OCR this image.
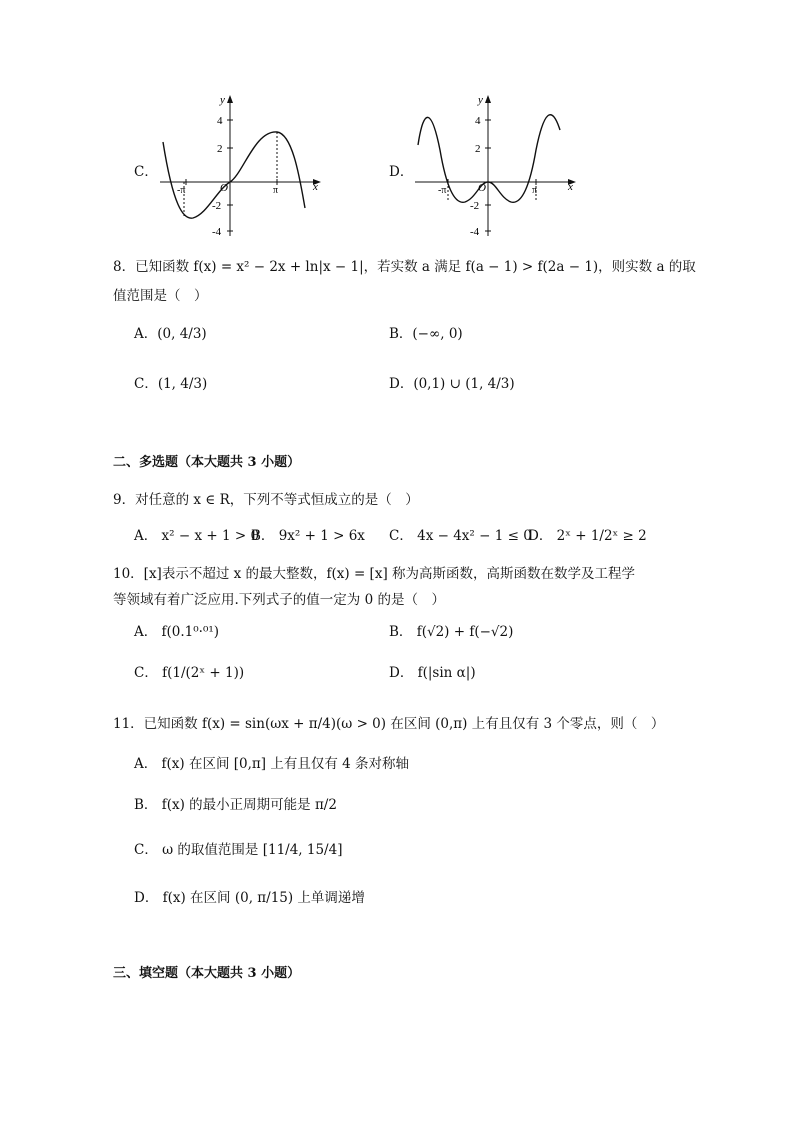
C．
y
x
O
4
2
-2
-4
-π	π
D．
y
x
O
4
2
-2
-4
-π	π
8．已知函数 f(x) = x² − 2x + ln|x − 1|，若实数 a 满足 f(a − 1) > f(2a − 1)，则实数 a 的取
值范围是（　）
A．(0, 4/3)	B．(−∞, 0)
C．(1, 4/3)	D．(0,1) ∪ (1, 4/3)
二、多选题（本大题共 3 小题）
9．对任意的 x ∈ R，下列不等式恒成立的是（　）
A． x² − x + 1 > 0
B． 9x² + 1 > 6x C． 4x − 4x² − 1 ≤ 0
D． 2ˣ + 1/2ˣ ≥ 2
10．[x]表示不超过 x 的最大整数，f(x) = [x] 称为高斯函数，高斯函数在数学及工程学
等领域有着广泛应用.下列式子的值一定为 0 的是（　）
A． f(0.1⁰·⁰¹)	B． f(√2) + f(−√2)
C． f(1/(2ˣ + 1))	D． f(|sin α|)
11．已知函数 f(x) = sin(ωx + π/4)(ω > 0) 在区间 (0,π) 上有且仅有 3 个零点，则（　）
A． f(x) 在区间 [0,π] 上有且仅有 4 条对称轴
B． f(x) 的最小正周期可能是 π/2
C． ω 的取值范围是 [11/4, 15/4]
D． f(x) 在区间 (0, π/15) 上单调递增
三、填空题（本大题共 3 小题）
